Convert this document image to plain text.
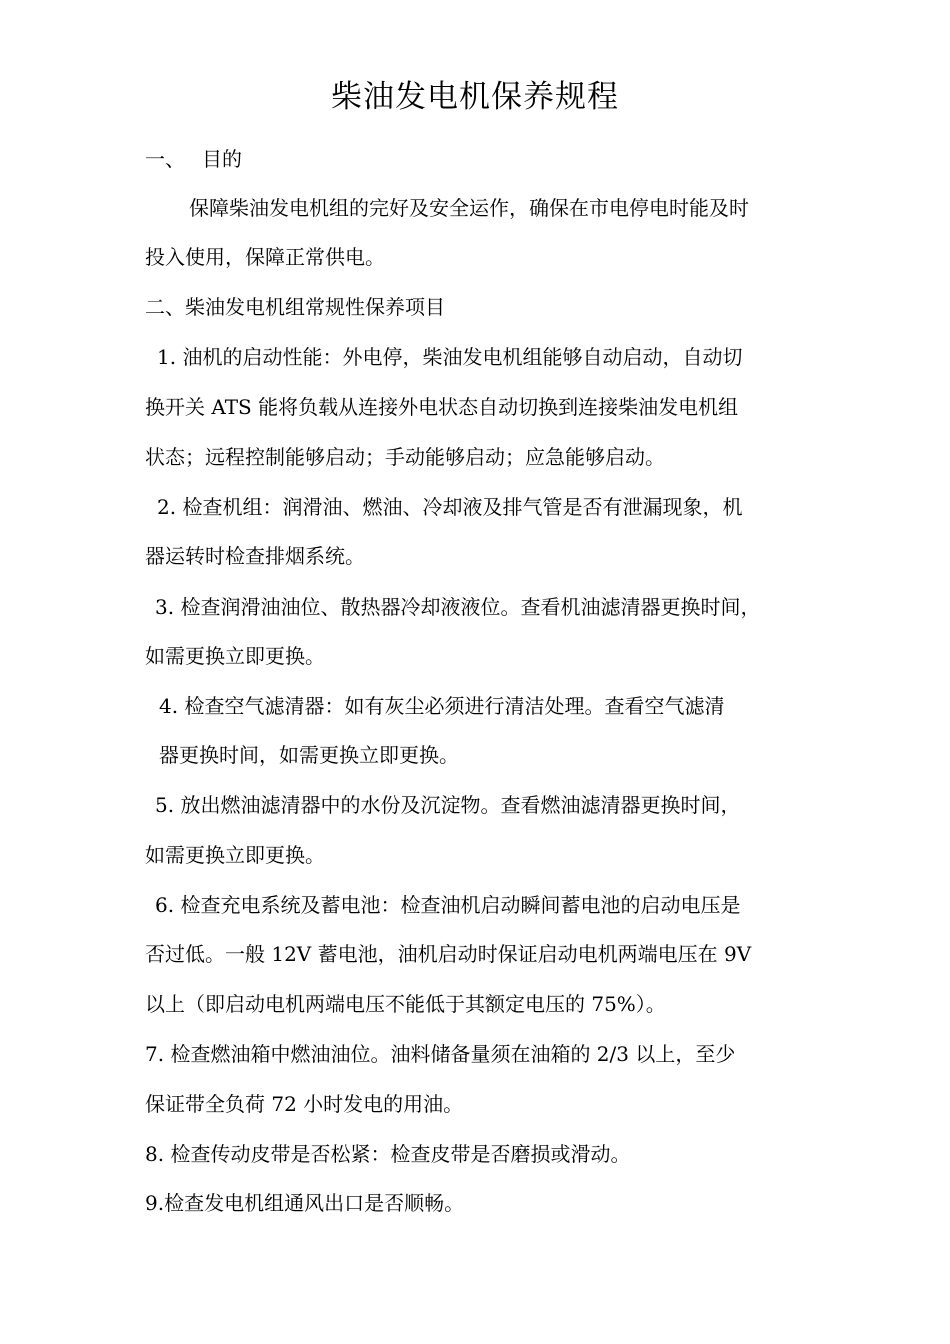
柴油发电机保养规程

一、 目的

保障柴油发电机组的完好及安全运作，确保在市电停电时能及时

投入使用，保障正常供电。

二、柴油发电机组常规性保养项目

1. 油机的启动性能：外电停，柴油发电机组能够自动启动，自动切

换开关 ATS 能将负载从连接外电状态自动切换到连接柴油发电机组

状态；远程控制能够启动；手动能够启动；应急能够启动。

2. 检查机组：润滑油、燃油、冷却液及排气管是否有泄漏现象，机

器运转时检查排烟系统。

3. 检查润滑油油位、散热器冷却液液位。查看机油滤清器更换时间，

如需更换立即更换。

4. 检查空气滤清器：如有灰尘必须进行清洁处理。查看空气滤清

器更换时间，如需更换立即更换。

5. 放出燃油滤清器中的水份及沉淀物。查看燃油滤清器更换时间，

如需更换立即更换。

6. 检查充电系统及蓄电池：检查油机启动瞬间蓄电池的启动电压是

否过低。一般 12V 蓄电池，油机启动时保证启动电机两端电压在 9V

以上（即启动电机两端电压不能低于其额定电压的 75%）。

7. 检查燃油箱中燃油油位。油料储备量须在油箱的 2/3 以上，至少

保证带全负荷 72 小时发电的用油。

8. 检查传动皮带是否松紧：检查皮带是否磨损或滑动。

9.检查发电机组通风出口是否顺畅。
